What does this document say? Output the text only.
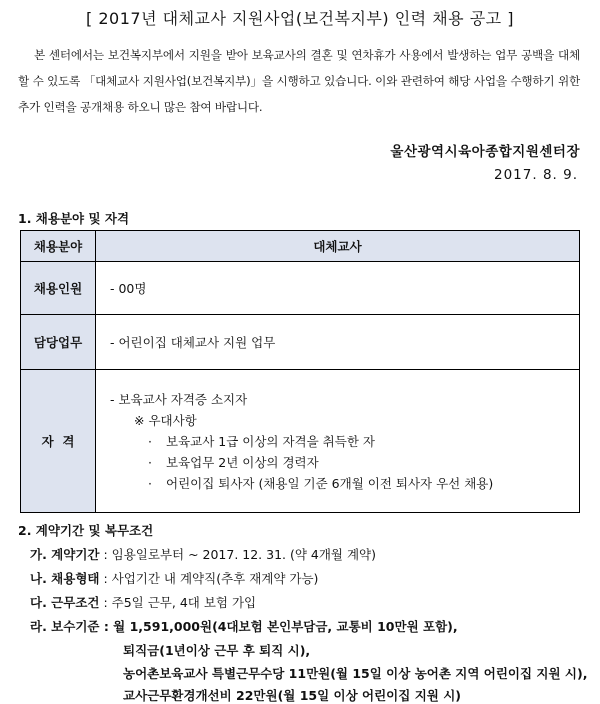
[ 2017년 대체교사 지원사업(보건복지부) 인력 채용 공고 ]
본 센터에서는 보건복지부에서 지원을 받아 보육교사의 결혼 및 연차휴가 사용에서 발생하는 업무 공백을 대체할 수 있도록 「대체교사 지원사업(보건복지부)」을 시행하고 있습니다. 이와 관련하여 해당 사업을 수행하기 위한 추가 인력을 공개채용 하오니 많은 참여 바랍니다.
울산광역시육아종합지원센터장
2017. 8. 9.
1. 채용분야 및 자격
채용분야	대체교사
채용인원	- 00명
담당업무	- 어린이집 대체교사 지원 업무
자  격	- 보육교사 자격증 소지자
※ 우대사항
· 보육교사 1급 이상의 자격을 취득한 자
· 보육업무 2년 이상의 경력자
· 어린이집 퇴사자 (채용일 기준 6개월 이전 퇴사자 우선 채용)
2. 계약기간 및 복무조건
가. 계약기간 : 임용일로부터 ~ 2017. 12. 31. (약 4개월 계약)
나. 채용형태 : 사업기간 내 계약직(추후 재계약 가능)
다. 근무조건 : 주5일 근무, 4대 보험 가입
라. 보수기준 : 월 1,591,000원(4대보험 본인부담금, 교통비 10만원 포함),
퇴직금(1년이상 근무 후 퇴직 시),
농어촌보육교사 특별근무수당 11만원(월 15일 이상 농어촌 지역 어린이집 지원 시),
교사근무환경개선비 22만원(월 15일 이상 어린이집 지원 시)
